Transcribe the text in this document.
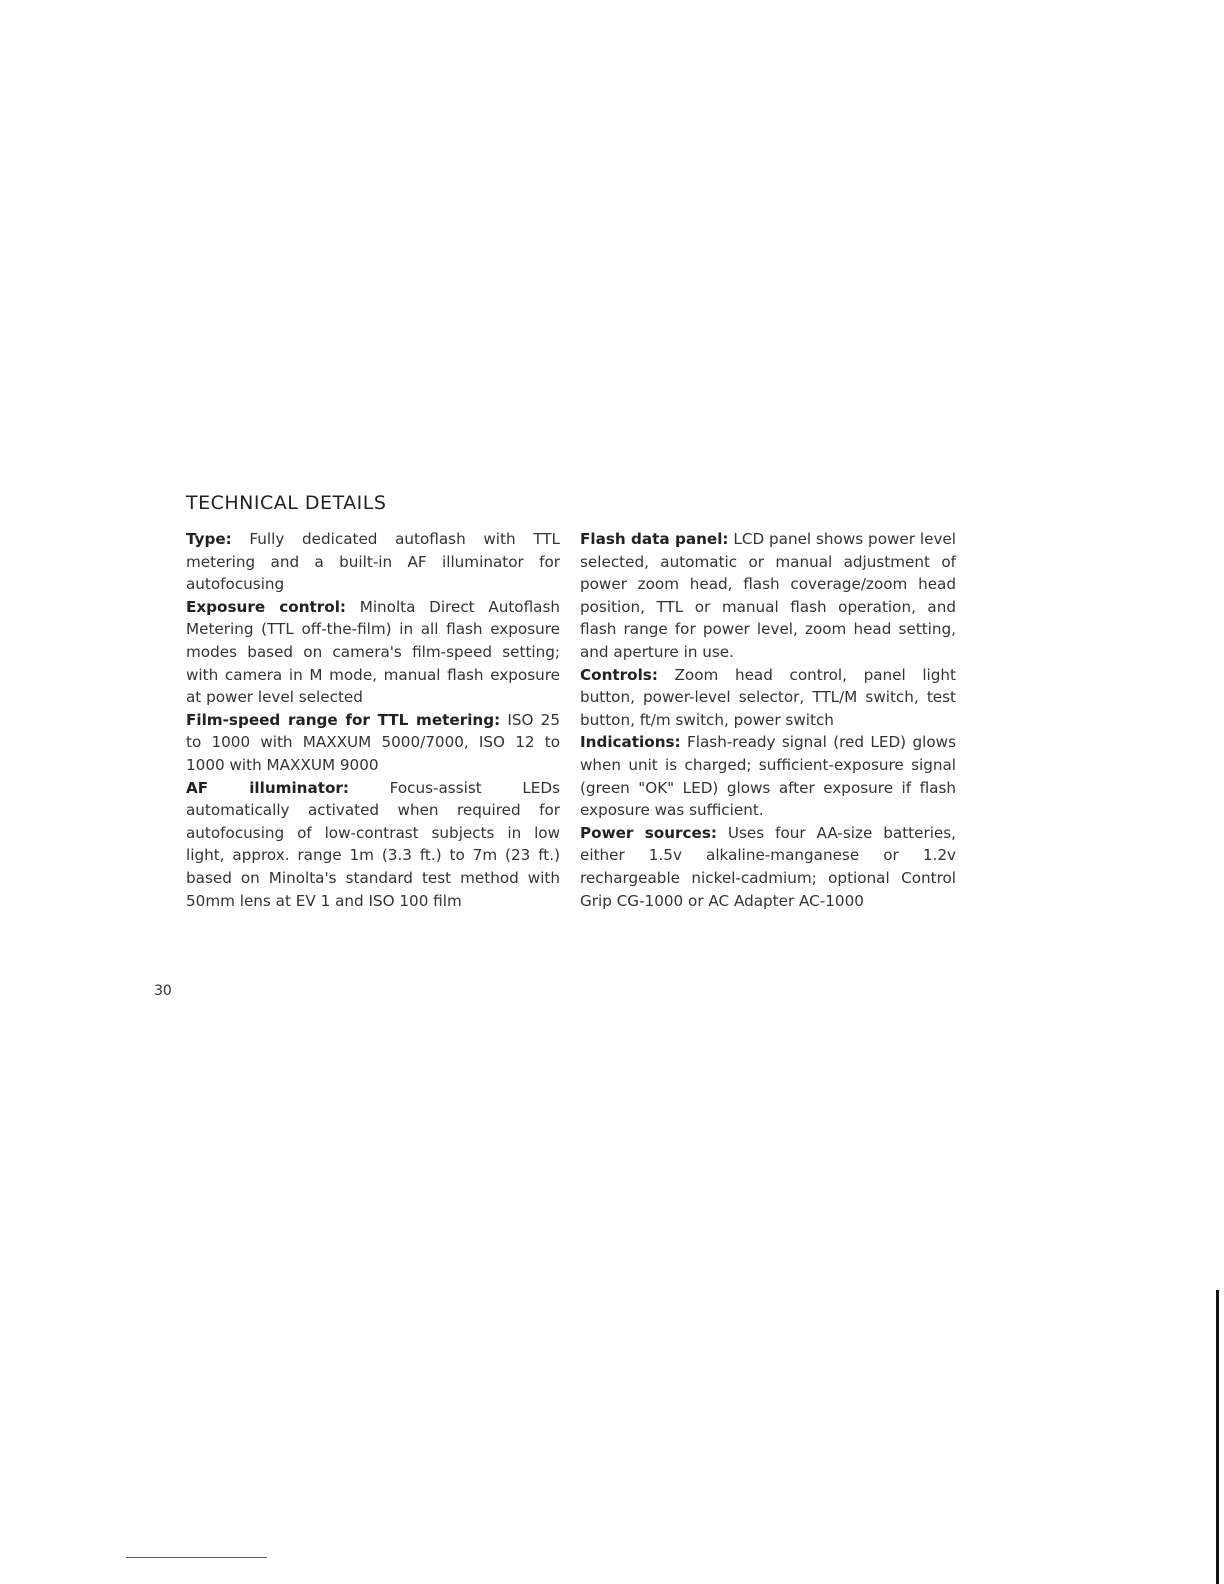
TECHNICAL DETAILS

Type: Fully dedicated autoflash with TTL metering and a built-in AF illuminator for autofocusing

Exposure control: Minolta Direct Autoflash Metering (TTL off-the-film) in all flash exposure modes based on camera's film-speed setting; with camera in M mode, manual flash exposure at power level selected

Film-speed range for TTL metering: ISO 25 to 1000 with MAXXUM 5000/7000, ISO 12 to 1000 with MAXXUM 9000

AF illuminator:	Focus-assist LEDs automatically activated when required for autofocusing of low-contrast subjects in low light, approx. range 1m (3.3 ft.) to 7m (23 ft.) based on Minolta's standard test method with 50mm lens at EV 1 and ISO 100 film

Flash data panel: LCD panel shows power level selected, automatic or manual adjustment of power zoom head, flash coverage/zoom head position, TTL or manual flash operation, and flash range for power level, zoom head setting, and aperture in use.

Controls: Zoom head control, panel light button, power-level selector, TTL/M switch, test button, ft/m switch, power switch

Indications: Flash-ready signal (red LED) glows when unit is charged; sufficient-exposure signal (green "OK" LED) glows after exposure if flash exposure was sufficient.

Power sources: Uses four AA-size batteries, either 1.5v alkaline-manganese or 1.2v rechargeable nickel-cadmium; optional Control Grip CG-1000 or AC Adapter AC-1000

30
